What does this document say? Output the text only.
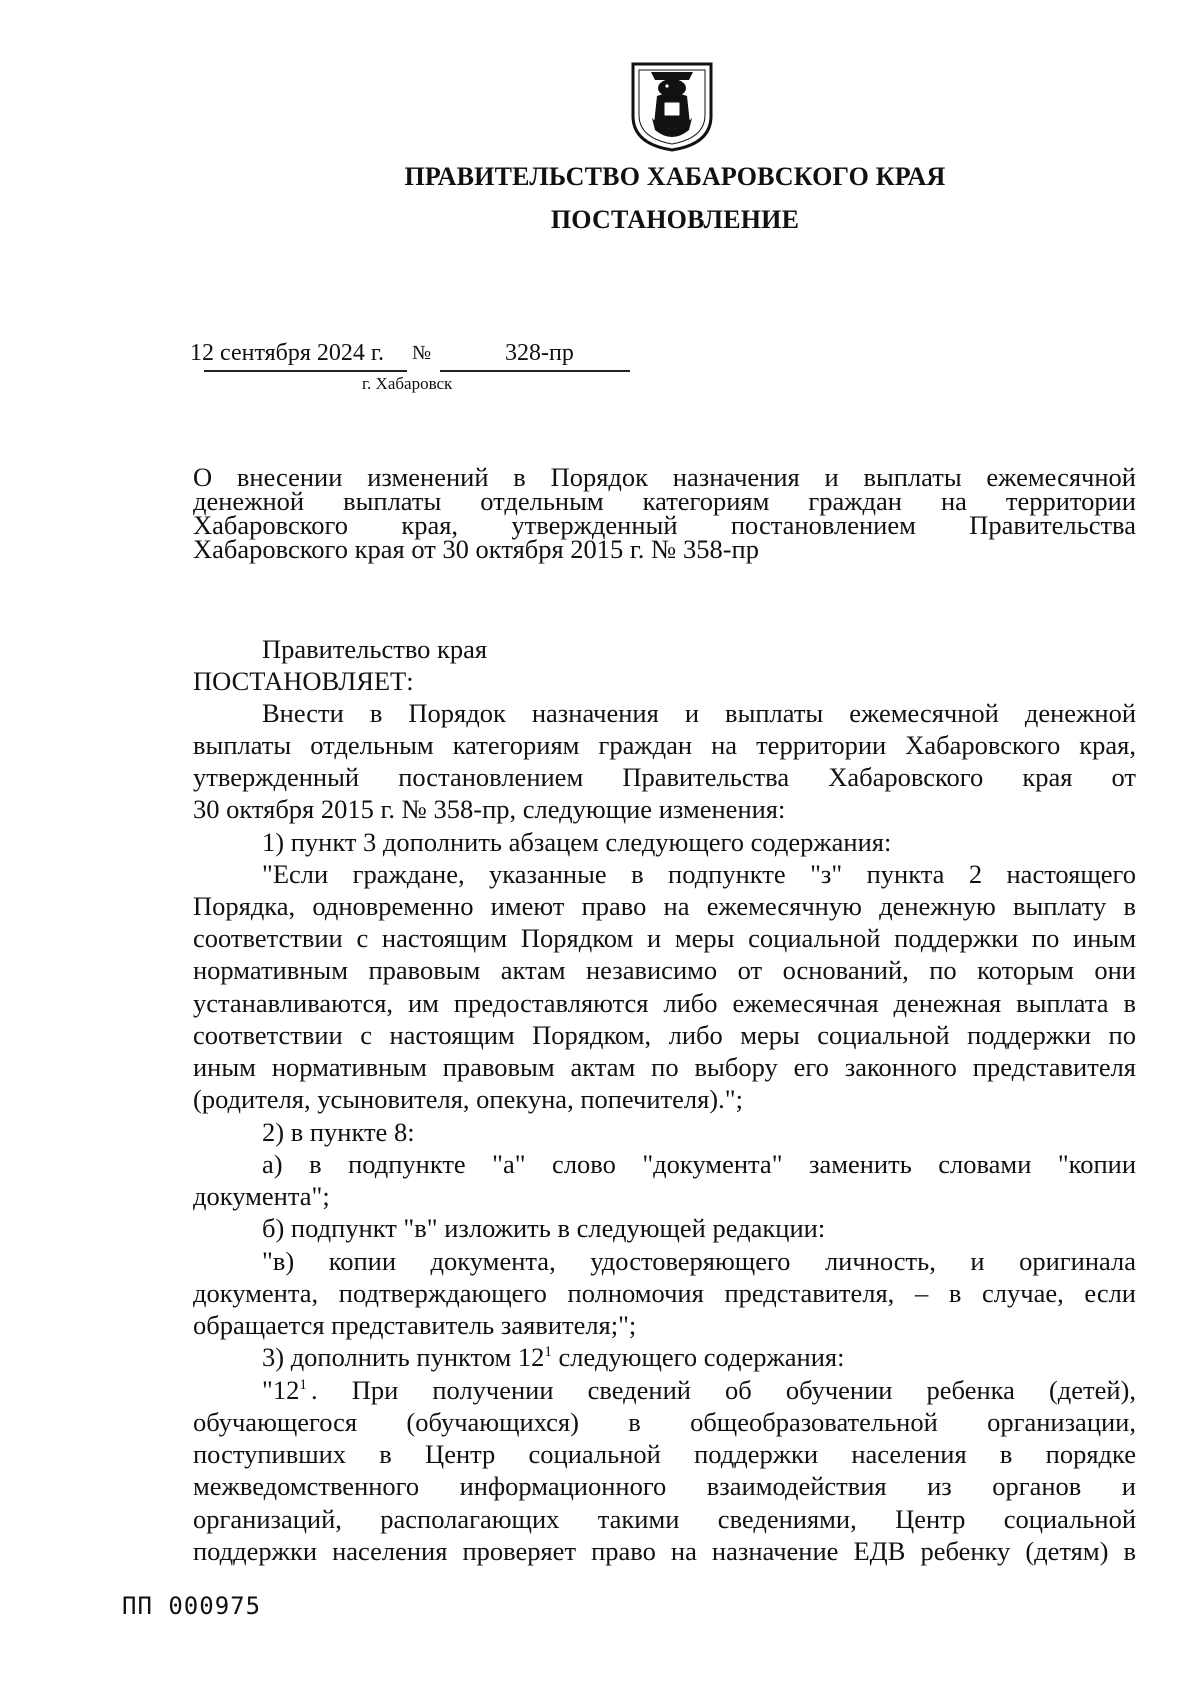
ПРАВИТЕЛЬСТВО ХАБАРОВСКОГО КРАЯ
ПОСТАНОВЛЕНИЕ
12 сентября 2024 г. №	328-пр
г. Хабаровск
О внесении изменений в Порядок назначения и выплаты ежемесячной
денежной выплаты отдельным категориям граждан на территории
Хабаровского края, утвержденный постановлением Правительства
Хабаровского края от 30 октября 2015 г. № 358-пр
Правительство края
ПОСТАНОВЛЯЕТ:
Внести в Порядок назначения и выплаты ежемесячной денежной
выплаты отдельным категориям граждан на территории Хабаровского края,
утвержденный постановлением Правительства Хабаровского края от
30 октября 2015 г. № 358-пр, следующие изменения:
1) пункт 3 дополнить абзацем следующего содержания:
"Если граждане, указанные в подпункте "з" пункта 2 настоящего
Порядка, одновременно имеют право на ежемесячную денежную выплату в
соответствии с настоящим Порядком и меры социальной поддержки по иным
нормативным правовым актам независимо от оснований, по которым они
устанавливаются, им предоставляются либо ежемесячная денежная выплата в
соответствии с настоящим Порядком, либо меры социальной поддержки по
иным нормативным правовым актам по выбору его законного представителя
(родителя, усыновителя, опекуна, попечителя).";
2) в пункте 8:
а) в подпункте "а" слово "документа" заменить словами "копии
документа";
б) подпункт "в" изложить в следующей редакции:
"в) копии документа, удостоверяющего личность, и оригинала
документа, подтверждающего полномочия представителя, – в случае, если
обращается представитель заявителя;";
3) дополнить пунктом $12^1$ следующего содержания:
"$12^1$ . При получении сведений об обучении ребенка (детей),
обучающегося (обучающихся) в общеобразовательной организации,
поступивших в Центр социальной поддержки населения в порядке
межведомственного информационного взаимодействия из органов и
организаций, располагающих такими сведениями, Центр социальной
поддержки населения проверяет право на назначение ЕДВ ребенку (детям) в
ПП 000975
